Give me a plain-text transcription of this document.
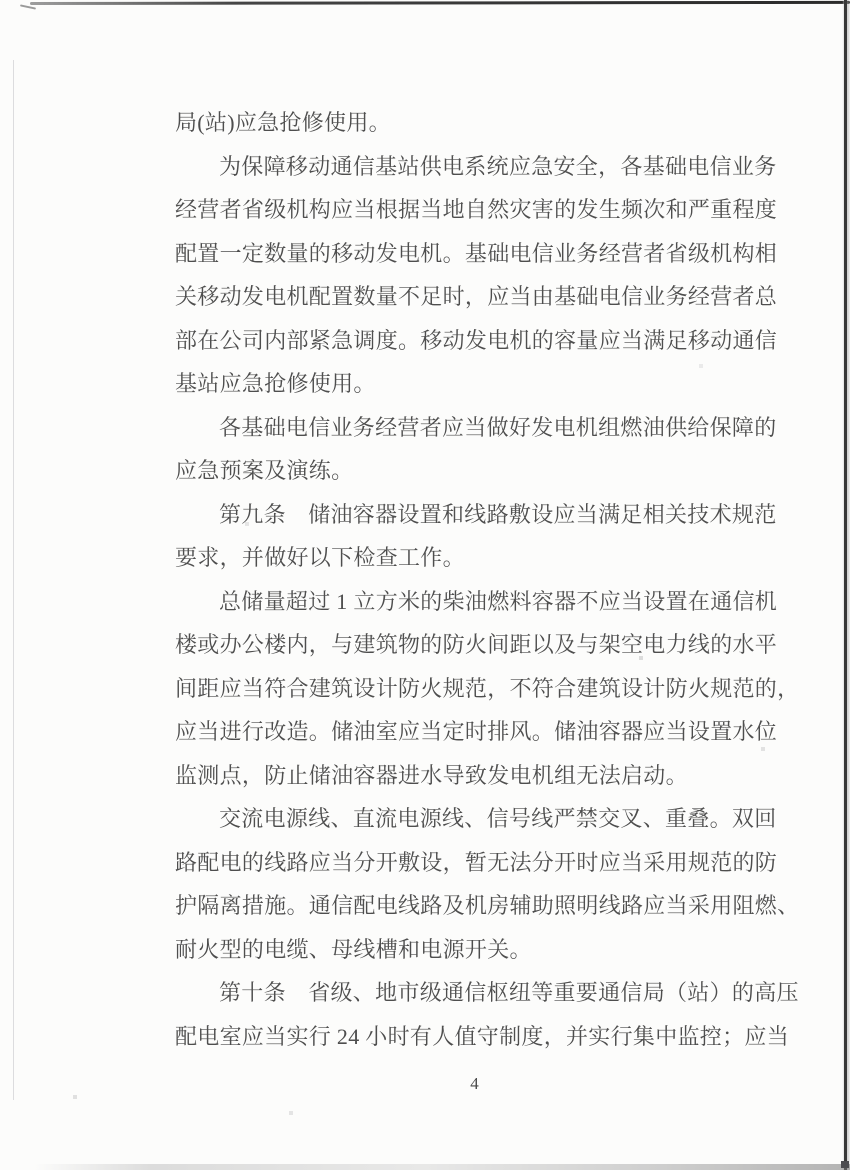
局(站)应急抢修使用。
为保障移动通信基站供电系统应急安全，各基础电信业务
经营者省级机构应当根据当地自然灾害的发生频次和严重程度
配置一定数量的移动发电机。基础电信业务经营者省级机构相
关移动发电机配置数量不足时，应当由基础电信业务经营者总
部在公司内部紧急调度。移动发电机的容量应当满足移动通信
基站应急抢修使用。
各基础电信业务经营者应当做好发电机组燃油供给保障的
应急预案及演练。
第九条　储油容器设置和线路敷设应当满足相关技术规范
要求，并做好以下检查工作。
总储量超过 1 立方米的柴油燃料容器不应当设置在通信机
楼或办公楼内，与建筑物的防火间距以及与架空电力线的水平
间距应当符合建筑设计防火规范，不符合建筑设计防火规范的，
应当进行改造。储油室应当定时排风。储油容器应当设置水位
监测点，防止储油容器进水导致发电机组无法启动。
交流电源线、直流电源线、信号线严禁交叉、重叠。双回
路配电的线路应当分开敷设，暂无法分开时应当采用规范的防
护隔离措施。通信配电线路及机房辅助照明线路应当采用阻燃、
耐火型的电缆、母线槽和电源开关。
第十条　省级、地市级通信枢纽等重要通信局（站）的高压
配电室应当实行 24 小时有人值守制度，并实行集中监控；应当
4
